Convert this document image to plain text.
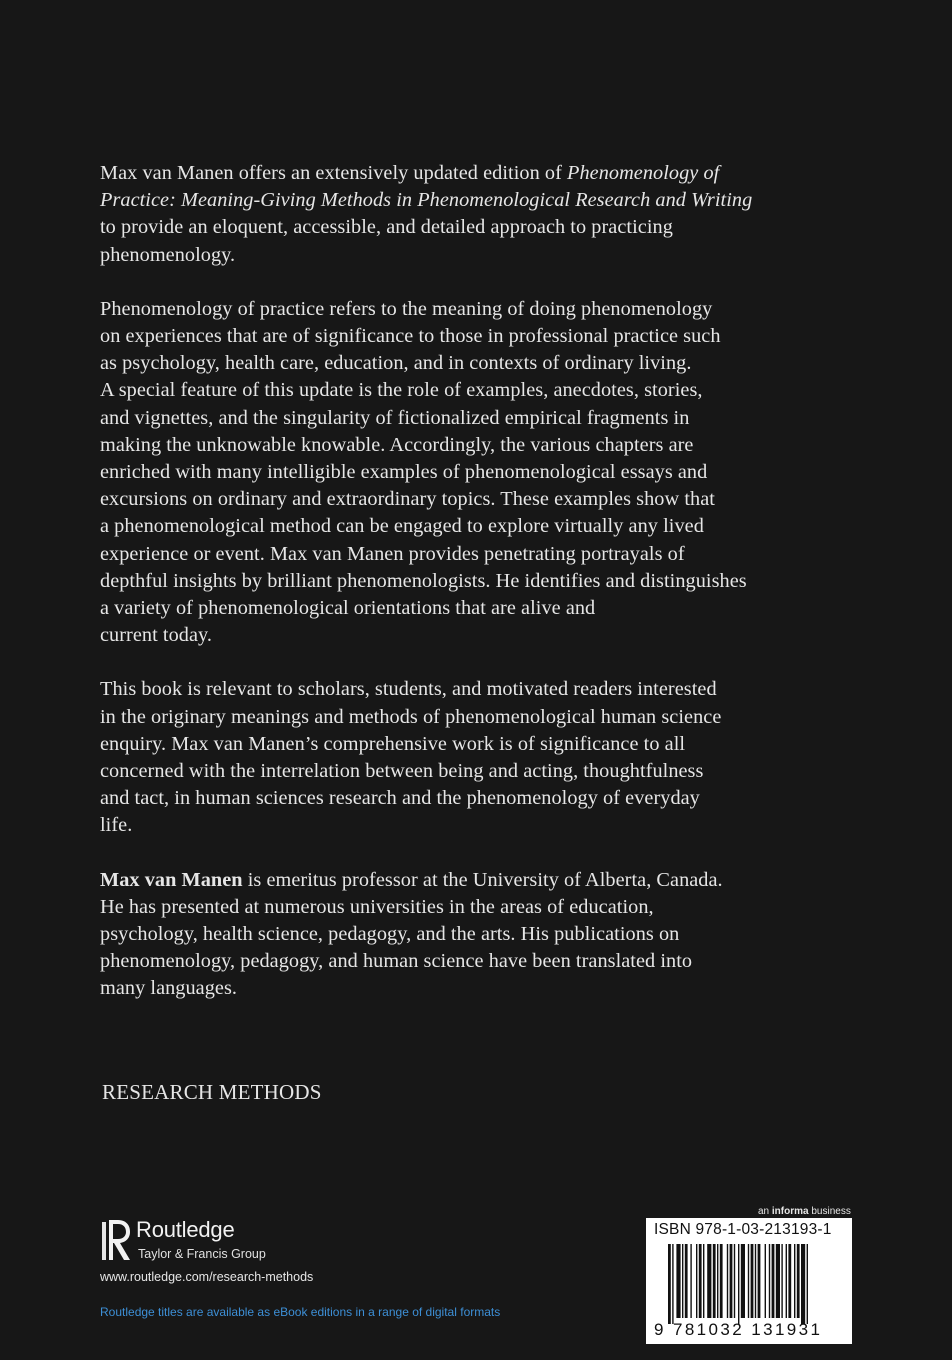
Max van Manen offers an extensively updated edition of Phenomenology of
Practice: Meaning-Giving Methods in Phenomenological Research and Writing
to provide an eloquent, accessible, and detailed approach to practicing
phenomenology.

Phenomenology of practice refers to the meaning of doing phenomenology
on experiences that are of significance to those in professional practice such
as psychology, health care, education, and in contexts of ordinary living.
A special feature of this update is the role of examples, anecdotes, stories,
and vignettes, and the singularity of fictionalized empirical fragments in
making the unknowable knowable. Accordingly, the various chapters are
enriched with many intelligible examples of phenomenological essays and
excursions on ordinary and extraordinary topics. These examples show that
a phenomenological method can be engaged to explore virtually any lived
experience or event. Max van Manen provides penetrating portrayals of
depthful insights by brilliant phenomenologists. He identifies and distinguishes
a variety of phenomenological orientations that are alive and
current today.

This book is relevant to scholars, students, and motivated readers interested
in the originary meanings and methods of phenomenological human science
enquiry. Max van Manen’s comprehensive work is of significance to all
concerned with the interrelation between being and acting, thoughtfulness
and tact, in human sciences research and the phenomenology of everyday
life.

Max van Manen is emeritus professor at the University of Alberta, Canada.
He has presented at numerous universities in the areas of education,
psychology, health science, pedagogy, and the arts. His publications on
phenomenology, pedagogy, and human science have been translated into
many languages.

RESEARCH METHODS
Routledge
Taylor & Francis Group
www.routledge.com/research-methods
Routledge titles are available as eBook editions in a range of digital formats
an informa business
ISBN 978-1-03-213193-1
9 781032 131931
